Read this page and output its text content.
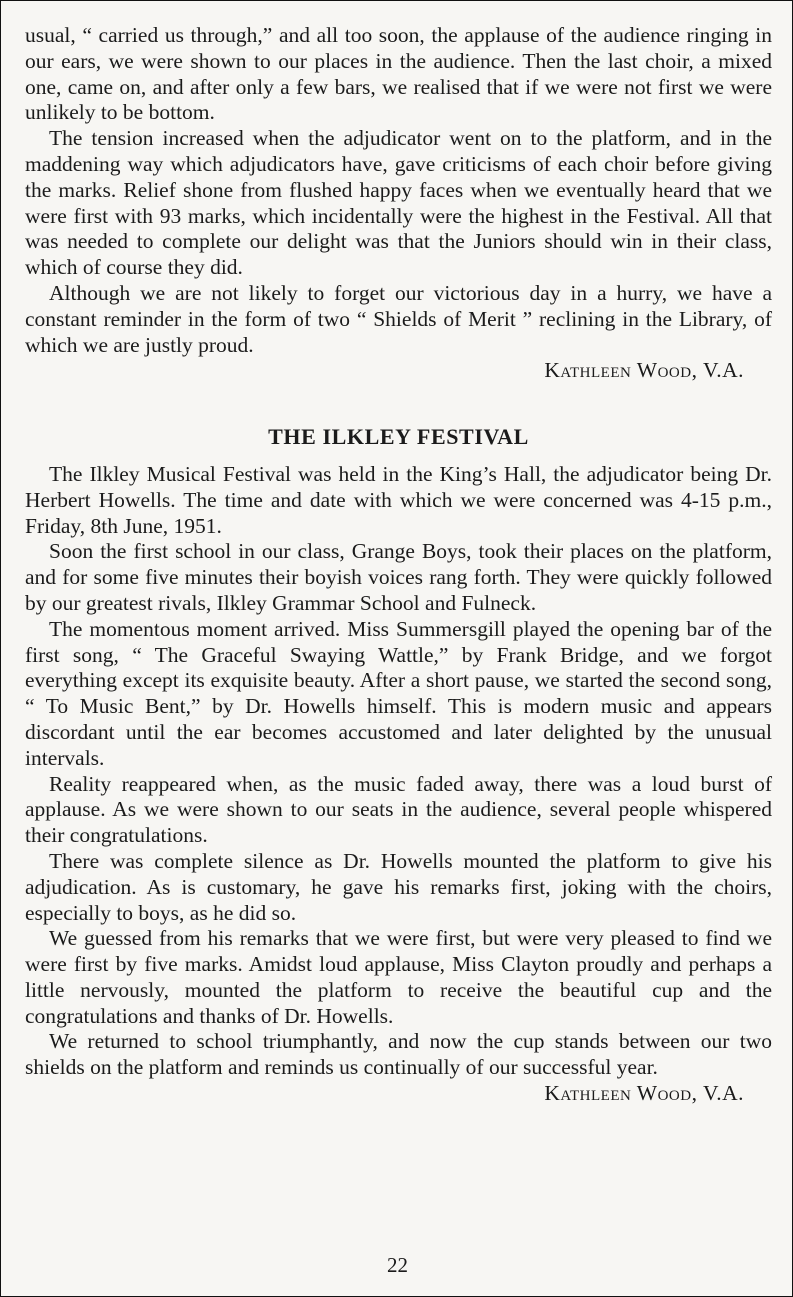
usual, “ carried us through,” and all too soon, the applause of the audience ringing in our ears, we were shown to our places in the audience. Then the last choir, a mixed one, came on, and after only a few bars, we realised that if we were not first we were unlikely to be bottom.

The tension increased when the adjudicator went on to the platform, and in the maddening way which adjudicators have, gave criticisms of each choir before giving the marks. Relief shone from flushed happy faces when we eventually heard that we were first with 93 marks, which incidentally were the highest in the Festival. All that was needed to complete our delight was that the Juniors should win in their class, which of course they did.

Although we are not likely to forget our victorious day in a hurry, we have a constant reminder in the form of two “ Shields of Merit ” reclining in the Library, of which we are justly proud.

Kathleen Wood, V.A.

THE ILKLEY FESTIVAL

The Ilkley Musical Festival was held in the King’s Hall, the adjudicator being Dr. Herbert Howells. The time and date with which we were concerned was 4-15 p.m., Friday, 8th June, 1951.

Soon the first school in our class, Grange Boys, took their places on the platform, and for some five minutes their boyish voices rang forth. They were quickly followed by our greatest rivals, Ilkley Grammar School and Fulneck.

The momentous moment arrived. Miss Summersgill played the opening bar of the first song, “ The Graceful Swaying Wattle,” by Frank Bridge, and we forgot everything except its exquisite beauty. After a short pause, we started the second song, “ To Music Bent,” by Dr. Howells himself. This is modern music and appears discordant until the ear becomes accustomed and later delighted by the unusual intervals.

Reality reappeared when, as the music faded away, there was a loud burst of applause. As we were shown to our seats in the audience, several people whispered their congratulations.

There was complete silence as Dr. Howells mounted the platform to give his adjudication. As is customary, he gave his remarks first, joking with the choirs, especially to boys, as he did so.

We guessed from his remarks that we were first, but were very pleased to find we were first by five marks. Amidst loud applause, Miss Clayton proudly and perhaps a little nervously, mounted the platform to receive the beautiful cup and the congratulations and thanks of Dr. Howells.

We returned to school triumphantly, and now the cup stands between our two shields on the platform and reminds us continually of our successful year.
Kathleen Wood, V.A.

22
